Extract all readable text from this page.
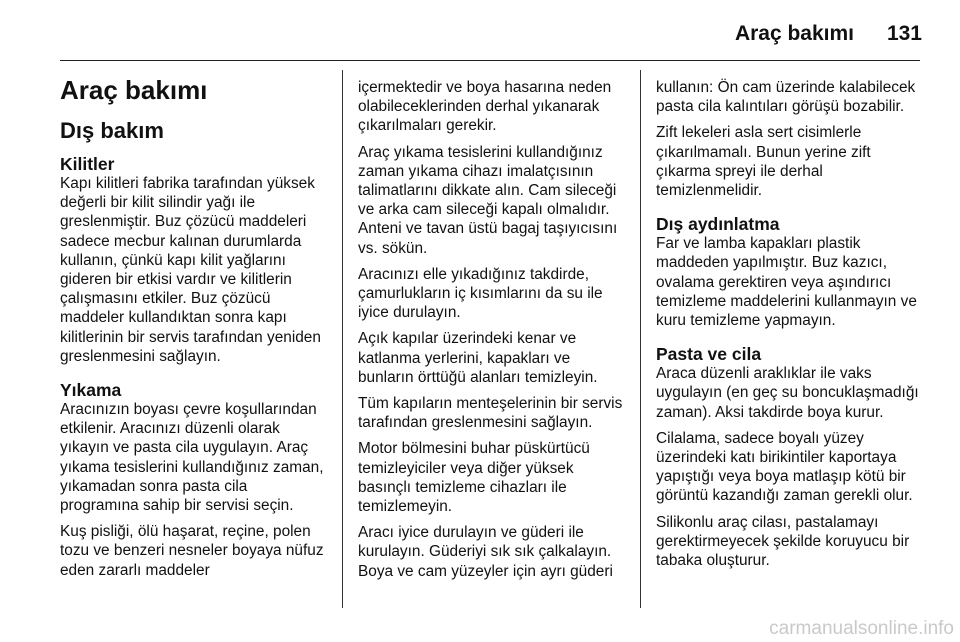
Araç bakımı 131
Araç bakımı
Dış bakım
Kilitler

Kapı kilitleri fabrika tarafından yüksek değerli bir kilit silindir yağı ile greslenmiştir. Buz çözücü maddeleri sadece mecbur kalınan durumlarda kullanın, çünkü kapı kilit yağlarını gideren bir etkisi vardır ve kilitlerin çalışmasını etkiler. Buz çözücü maddeler kullandıktan sonra kapı kilitlerinin bir servis tarafından yeniden greslenmesini sağlayın.

Yıkama

Aracınızın boyası çevre koşullarından etkilenir. Aracınızı düzenli olarak yıkayın ve pasta cila uygulayın. Araç yıkama tesislerini kullandığınız zaman, yıkamadan sonra pasta cila programına sahip bir servisi seçin.

Kuş pisliği, ölü haşarat, reçine, polen tozu ve benzeri nesneler boyaya nüfuz eden zararlı maddeler

içermektedir ve boya hasarına neden olabileceklerinden derhal yıkanarak çıkarılmaları gerekir.

Araç yıkama tesislerini kullandığınız zaman yıkama cihazı imalatçısının talimatlarını dikkate alın. Cam sileceği ve arka cam sileceği kapalı olmalıdır. Anteni ve tavan üstü bagaj taşıyıcısını vs. sökün.

Aracınızı elle yıkadığınız takdirde, çamurlukların iç kısımlarını da su ile iyice durulayın.

Açık kapılar üzerindeki kenar ve katlanma yerlerini, kapakları ve bunların örttüğü alanları temizleyin.

Tüm kapıların menteşelerinin bir servis tarafından greslenmesini sağlayın.

Motor bölmesini buhar püskürtücü temizleyiciler veya diğer yüksek basınçlı temizleme cihazları ile temizlemeyin.

Aracı iyice durulayın ve güderi ile kurulayın. Güderiyi sık sık çalkalayın. Boya ve cam yüzeyler için ayrı güderi

kullanın: Ön cam üzerinde kalabilecek pasta cila kalıntıları görüşü bozabilir.

Zift lekeleri asla sert cisimlerle çıkarılmamalı. Bunun yerine zift çıkarma spreyi ile derhal temizlenmelidir.

Dış aydınlatma

Far ve lamba kapakları plastik maddeden yapılmıştır. Buz kazıcı, ovalama gerektiren veya aşındırıcı temizleme maddelerini kullanmayın ve kuru temizleme yapmayın.

Pasta ve cila

Araca düzenli araklıklar ile vaks uygulayın (en geç su boncuklaşmadığı zaman). Aksi takdirde boya kurur.

Cilalama, sadece boyalı yüzey üzerindeki katı birikintiler kaportaya yapıştığı veya boya matlaşıp kötü bir görüntü kazandığı zaman gerekli olur.

Silikonlu araç cilası, pastalamayı gerektirmeyecek şekilde koruyucu bir tabaka oluşturur.

carmanualsonline.info
